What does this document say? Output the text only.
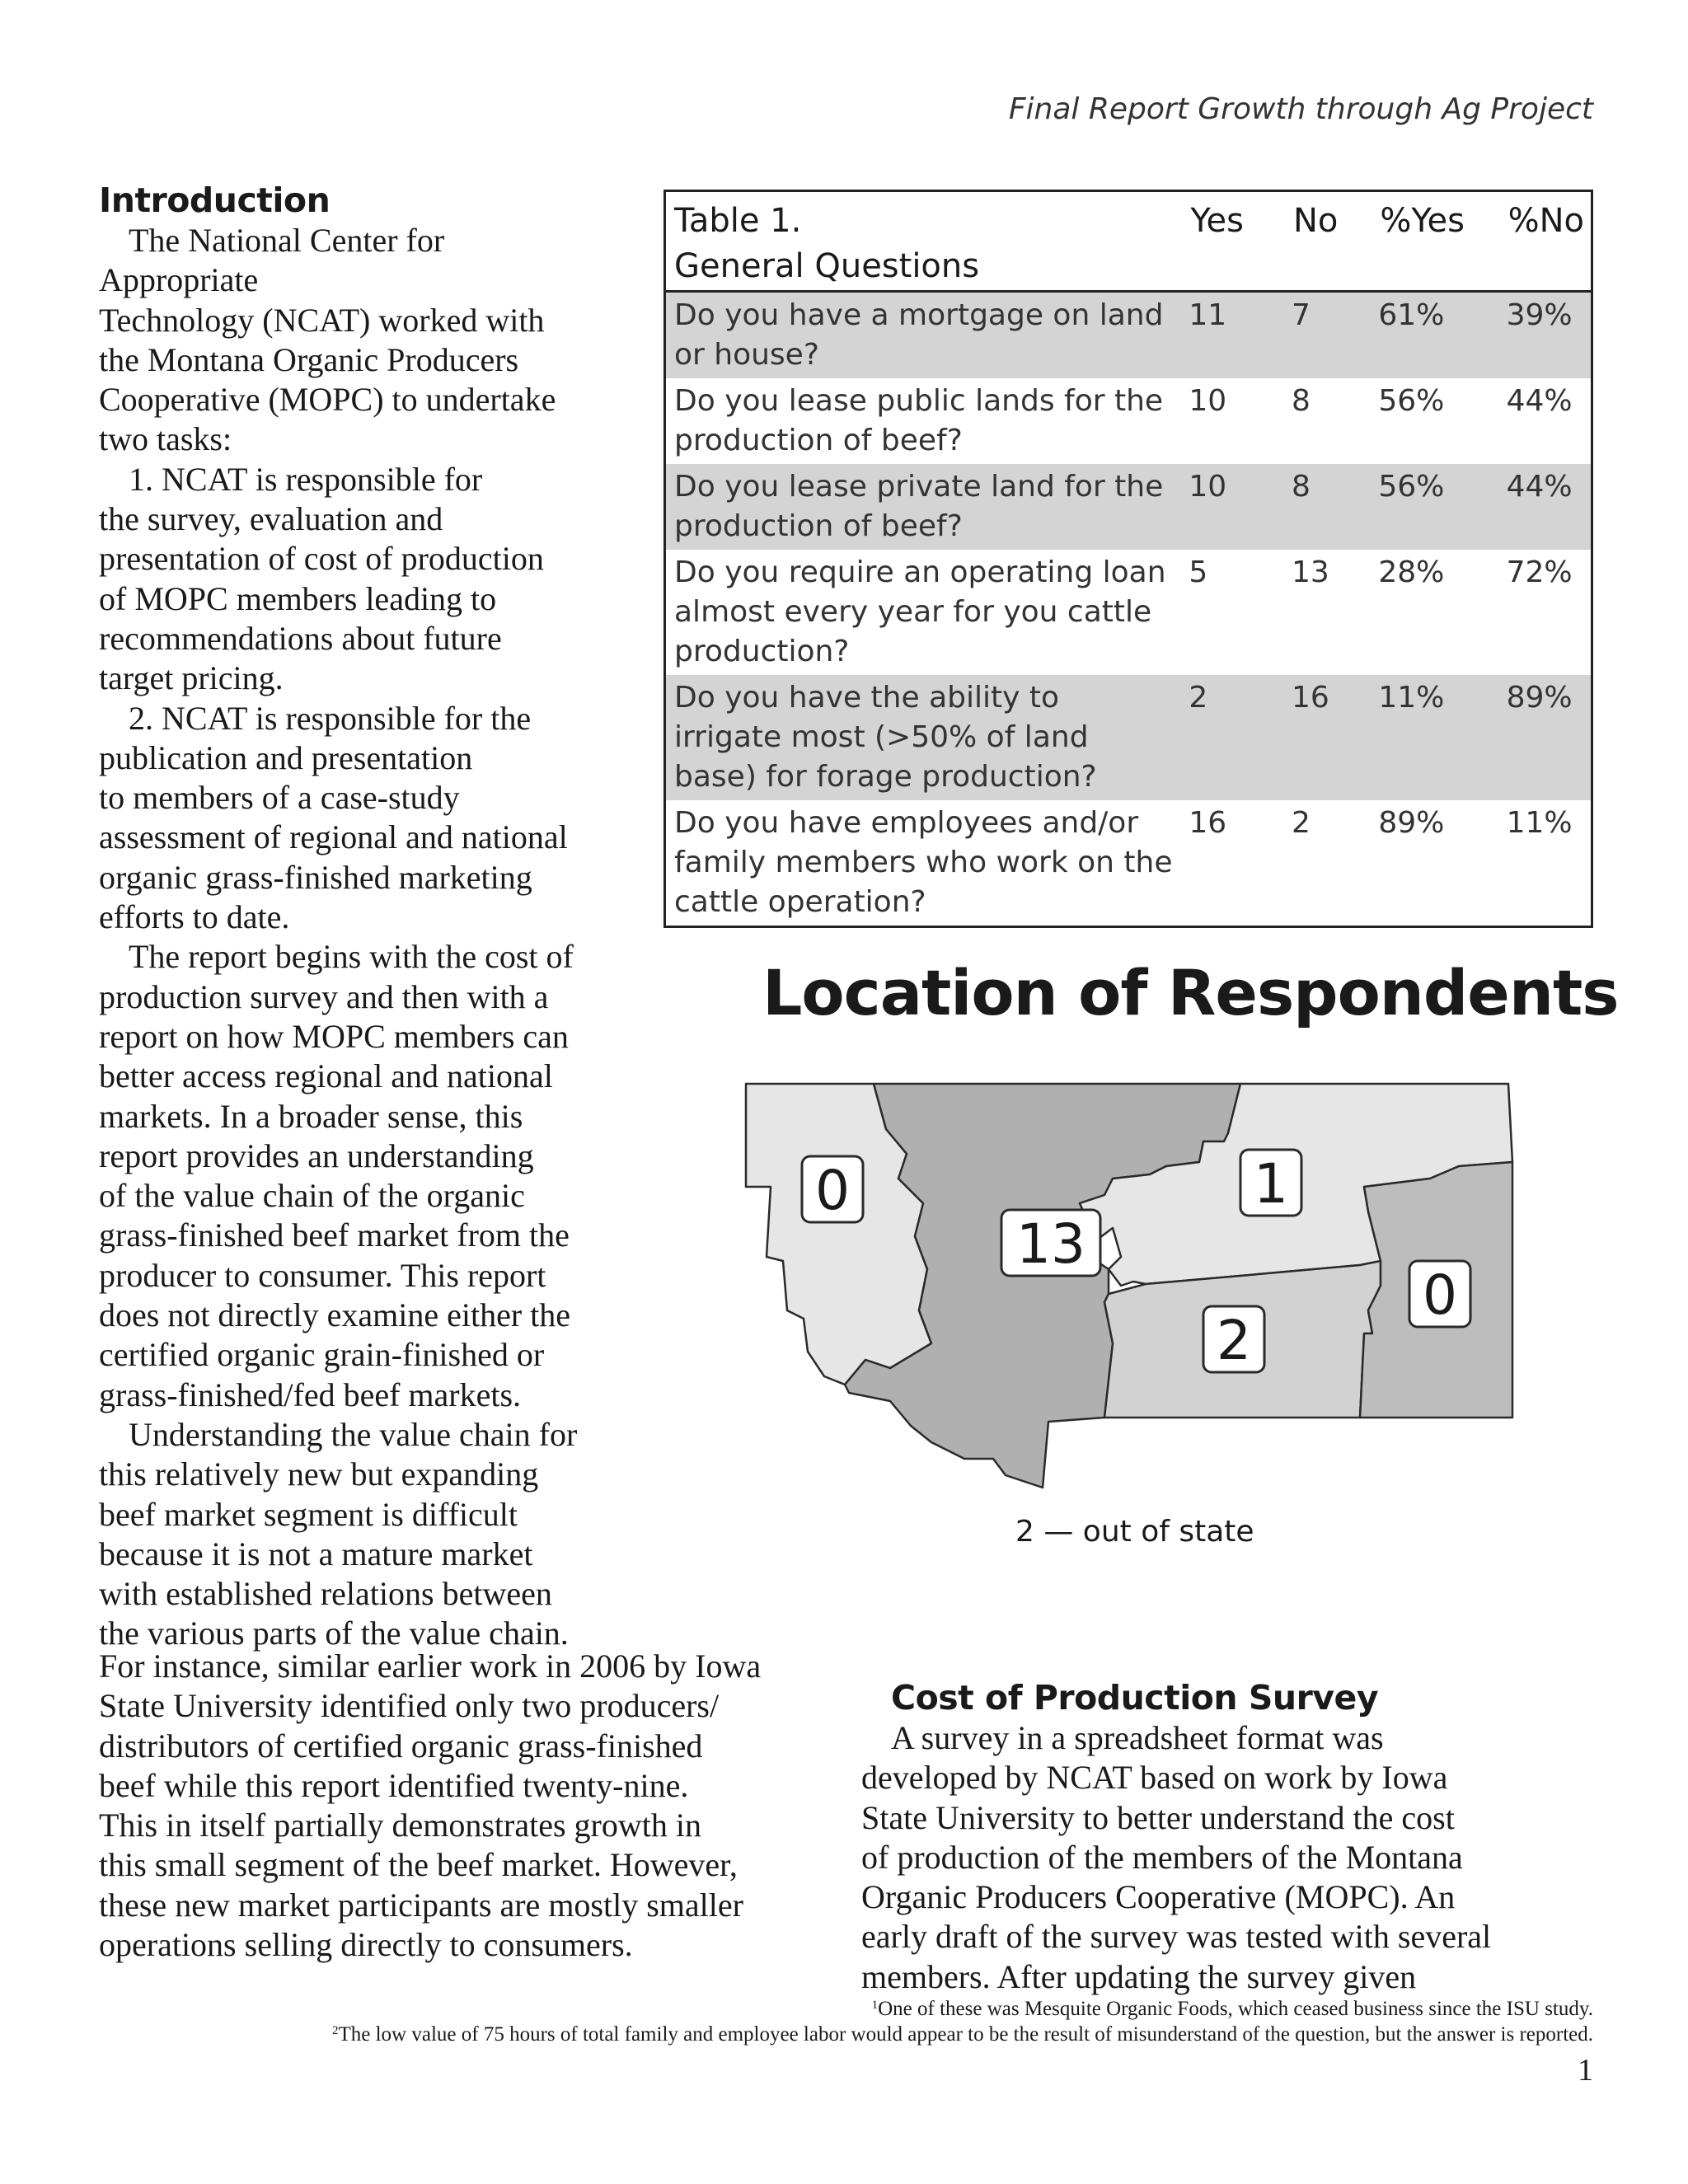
Final Report Growth through Ag Project
Introduction

The National Center for
Appropriate
Technology (NCAT) worked with
the Montana Organic Producers
Cooperative (MOPC) to undertake
two tasks:

1. NCAT is responsible for
the survey, evaluation and
presentation of cost of production
of MOPC members leading to
recommendations about future
target pricing.

2. NCAT is responsible for the
publication and presentation
to members of a case-study
assessment of regional and national
organic grass-finished marketing
efforts to date.

The report begins with the cost of
production survey and then with a
report on how MOPC members can
better access regional and national
markets. In a broader sense, this
report provides an understanding
of the value chain of the organic
grass-finished beef market from the
producer to consumer. This report
does not directly examine either the
certified organic grain-finished or
grass-finished/fed beef markets.

Understanding the value chain for
this relatively new but expanding
beef market segment is difficult
because it is not a mature market
with established relations between
the various parts of the value chain.

For instance, similar earlier work in 2006 by Iowa
State University identified only two producers/
distributors of certified organic grass-finished
beef while this report identified twenty-nine.
This in itself partially demonstrates growth in
this small segment of the beef market. However,
these new market participants are mostly smaller
operations selling directly to consumers.

Table 1.
General Questions	Yes	No	%Yes	%No
Do you have a mortgage on land or house?	11	7	61%	39%
Do you lease public lands for the production of beef?	10	8	56%	44%
Do you lease private land for the production of beef?	10	8	56%	44%
Do you require an operating loan almost every year for you cattle production?	5	13	28%	72%
Do you have the ability to irrigate most (>50% of land base) for forage production?	2	16	11%	89%
Do you have employees and/or family members who work on the cattle operation?	16	2	89%	11%
Location of Respondents
0
13
1
2
0
2 — out of state
Cost of Production Survey

A survey in a spreadsheet format was
developed by NCAT based on work by Iowa
State University to better understand the cost
of production of the members of the Montana
Organic Producers Cooperative (MOPC). An
early draft of the survey was tested with several
members. After updating the survey given

$^1$One of these was Mesquite Organic Foods, which ceased business since the ISU study.
$^2$The low value of 75 hours of total family and employee labor would appear to be the result of misunderstand of the question, but the answer is reported.
1
